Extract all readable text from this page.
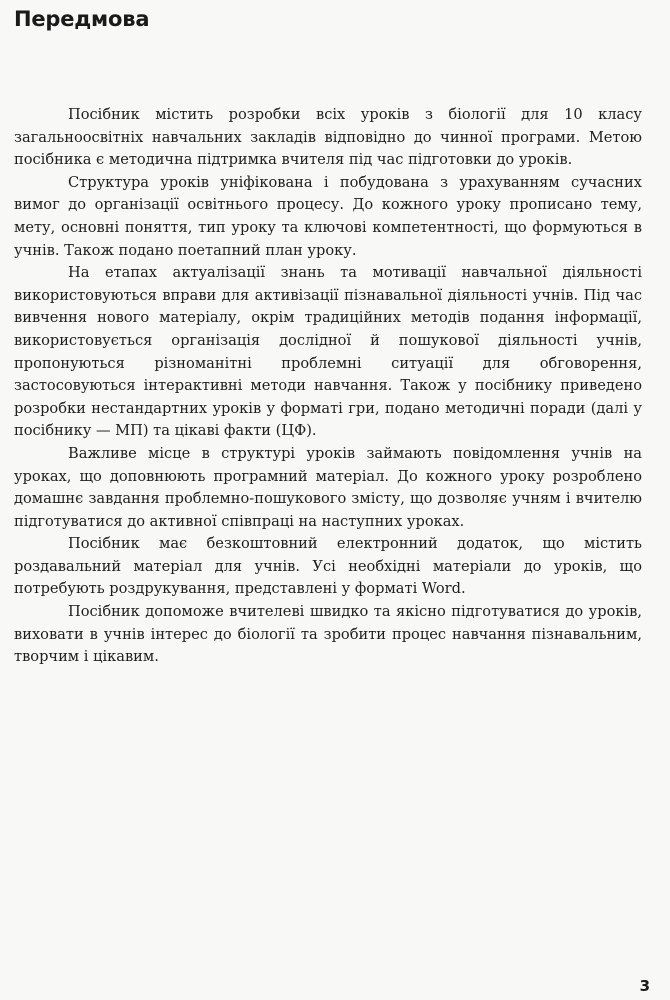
Передмова

Посібник містить розробки всіх уроків з біології для 10 класу загальноосвітніх навчальних закладів відповідно до чинної програми. Метою посібника є методична підтримка вчителя під час підготовки до уроків.

Структура уроків уніфікована і побудована з урахуванням сучасних вимог до організації освітнього процесу. До кожного уроку прописано тему, мету, основні поняття, тип уроку та ключові компетентності, що формуються в учнів. Також подано поетапний план уроку.

На етапах актуалізації знань та мотивації навчальної діяльності використовуються вправи для активізації пізнавальної діяльності учнів. Під час вивчення нового матеріалу, окрім традиційних методів подання інформації, використовується організація дослідної й пошукової діяльності учнів, пропонуються різноманітні проблемні ситуації для обговорення, застосовуються інтерактивні методи навчання. Також у посібнику приведено розробки нестандартних уроків у форматі гри, подано методичні поради (далі у посібнику — МП) та цікаві факти (ЦФ).

Важливе місце в структурі уроків займають повідомлення учнів на уроках, що доповнюють програмний матеріал. До кожного уроку розроблено домашнє завдання проблемно-пошукового змісту, що дозволяє учням і вчителю підготуватися до активної співпраці на наступних уроках.

Посібник має безкоштовний електронний додаток, що містить роздавальний матеріал для учнів. Усі необхідні матеріали до уроків, що потребують роздрукування, представлені у форматі Word.

Посібник допоможе вчителеві швидко та якісно підготуватися до уроків, виховати в учнів інтерес до біології та зробити процес навчання пізнавальним, творчим і цікавим.

3
